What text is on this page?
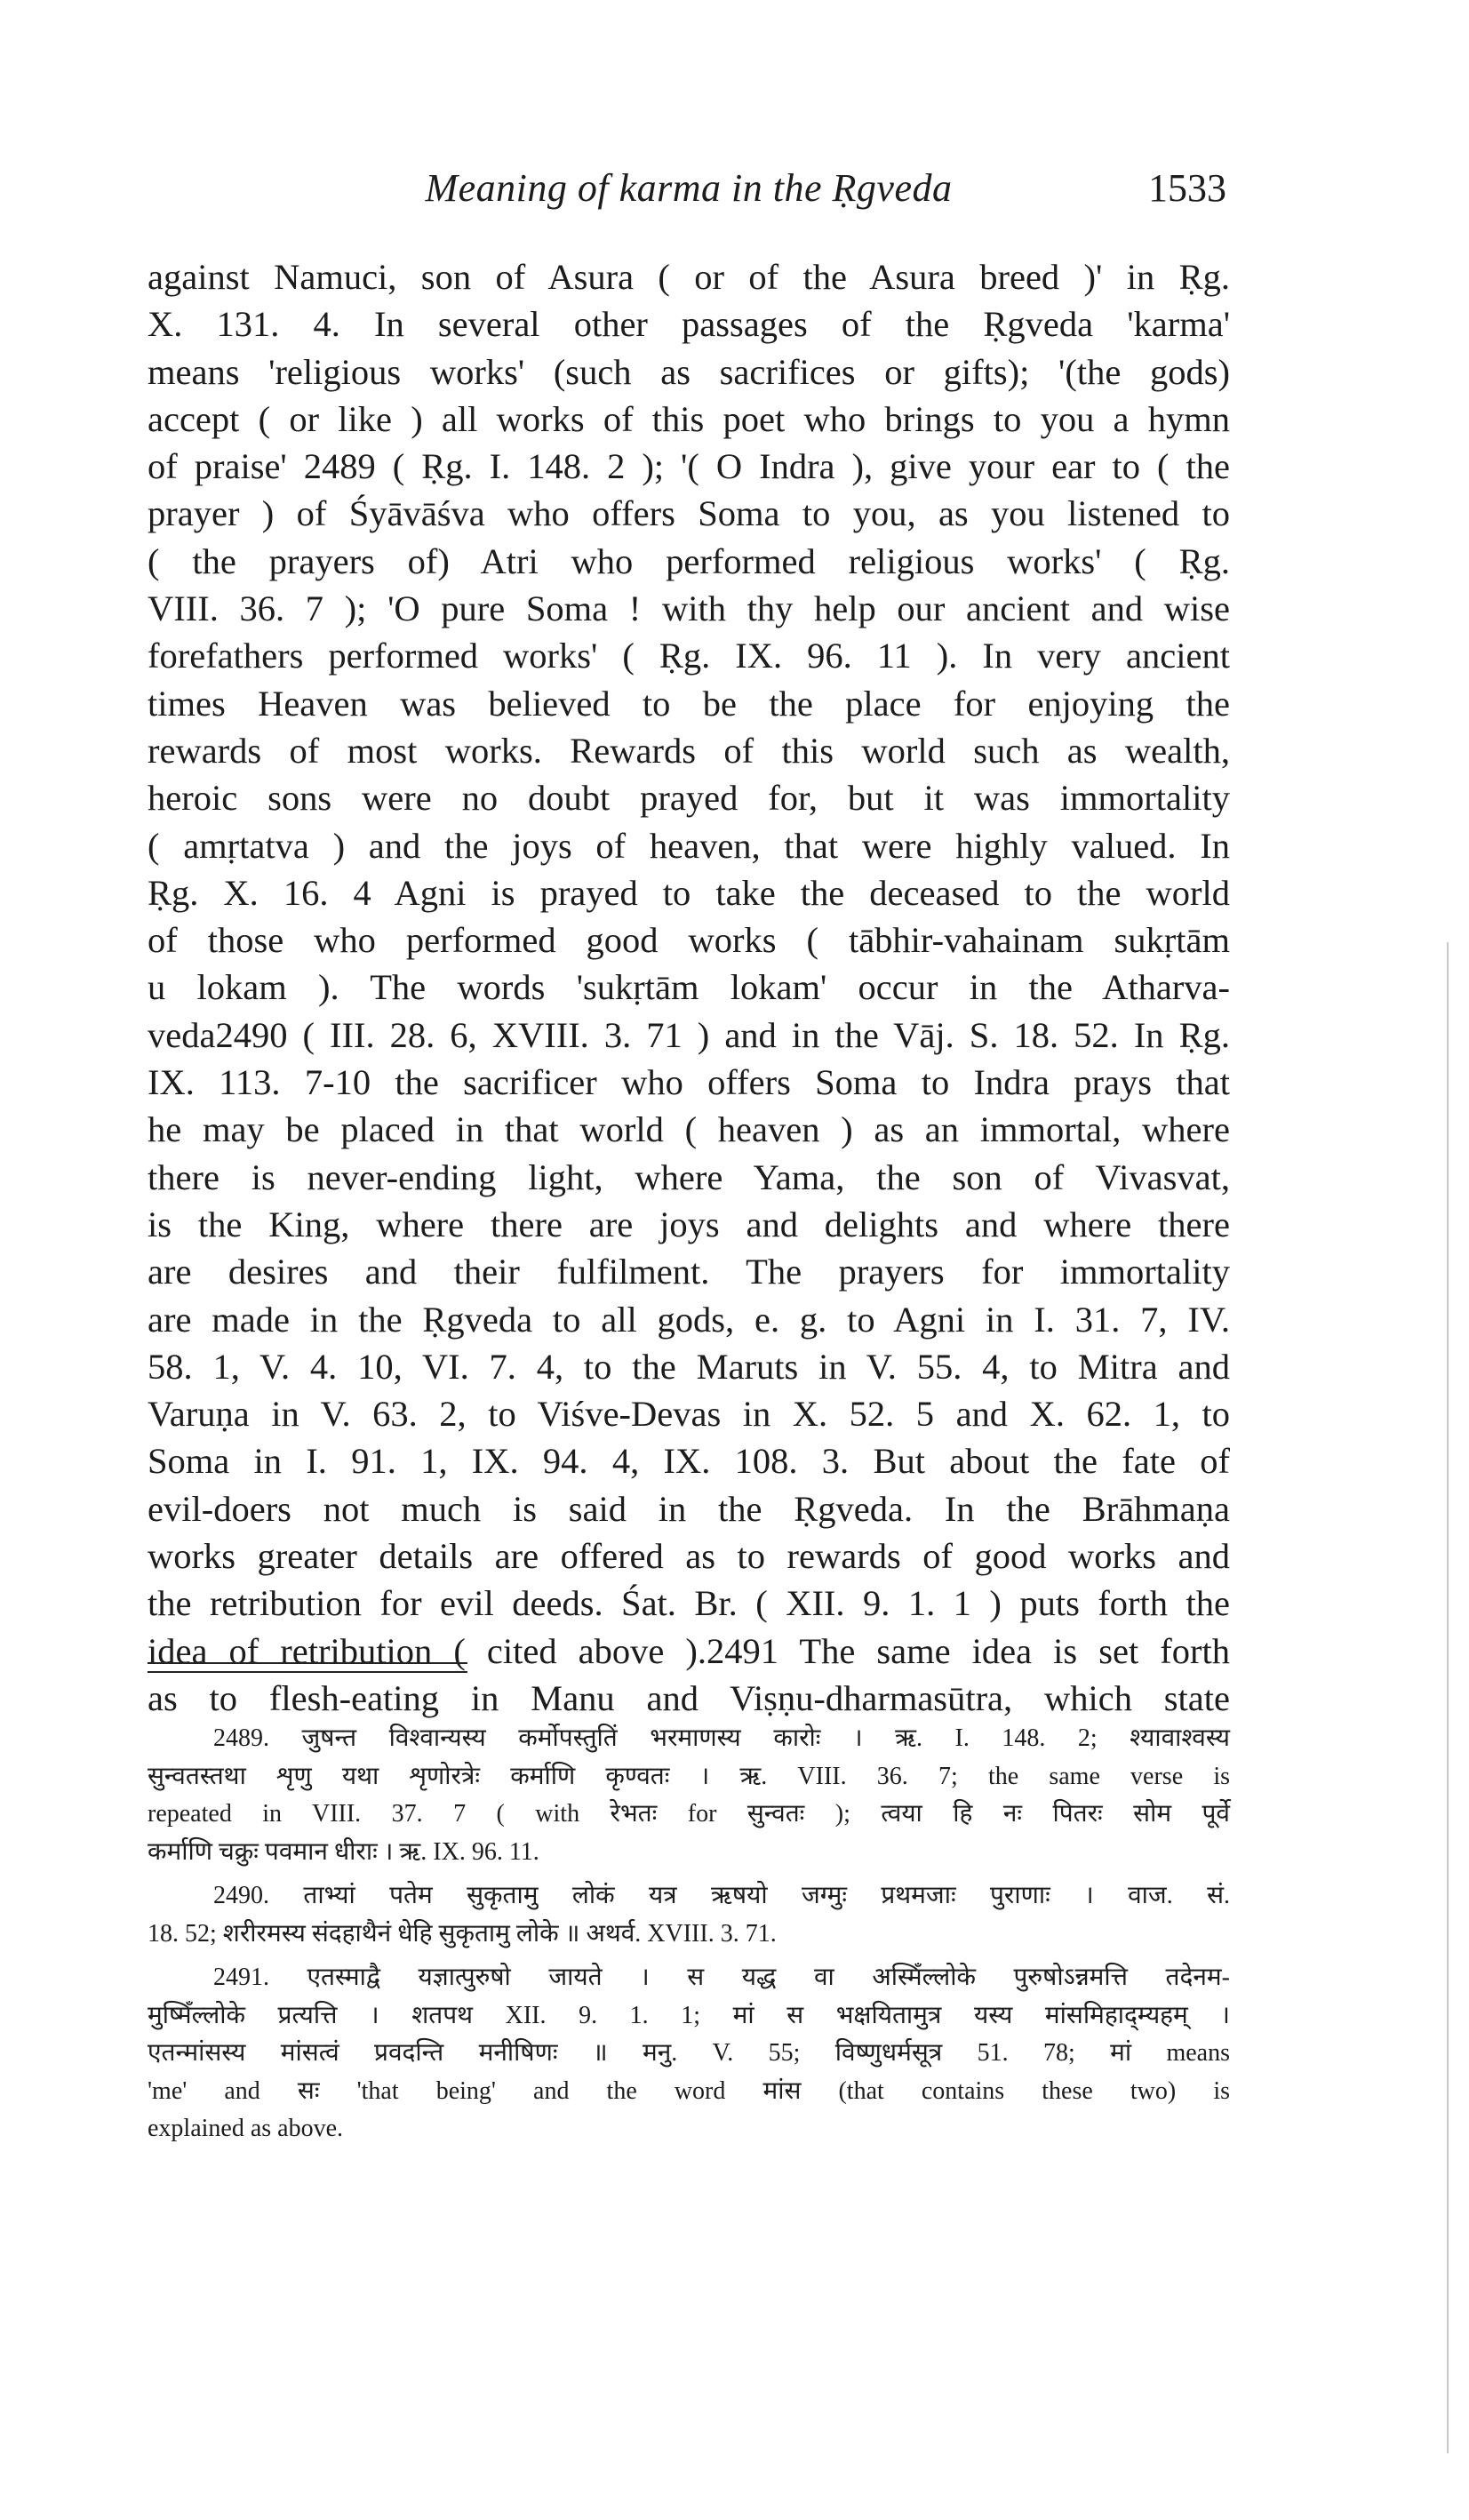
Meaning of karma in the Ṛgveda	1533
against Namuci, son of Asura ( or of the Asura breed )' in Ṛg.
X. 131. 4. In several other passages of the Ṛgveda 'karma'
means 'religious works' (such as sacrifices or gifts); '(the gods)
accept ( or like ) all works of this poet who brings to you a hymn
of praise' 2489 ( Ṛg. I. 148. 2 ); '( O Indra ), give your ear to ( the
prayer ) of Śyāvāśva who offers Soma to you, as you listened to
( the prayers of) Atri who performed religious works' ( Ṛg.
VIII. 36. 7 ); 'O pure Soma ! with thy help our ancient and wise
forefathers performed works' ( Ṛg. IX. 96. 11 ). In very ancient
times Heaven was believed to be the place for enjoying the
rewards of most works. Rewards of this world such as wealth,
heroic sons were no doubt prayed for, but it was immortality
( amṛtatva ) and the joys of heaven, that were highly valued. In
Ṛg. X. 16. 4 Agni is prayed to take the deceased to the world
of those who performed good works ( tābhir-vahainam sukṛtām
u lokam ). The words 'sukṛtām lokam' occur in the Atharva-
veda2490 ( III. 28. 6, XVIII. 3. 71 ) and in the Vāj. S. 18. 52. In Ṛg.
IX. 113. 7-10 the sacrificer who offers Soma to Indra prays that
he may be placed in that world ( heaven ) as an immortal, where
there is never-ending light, where Yama, the son of Vivasvat,
is the King, where there are joys and delights and where there
are desires and their fulfilment. The prayers for immortality
are made in the Ṛgveda to all gods, e. g. to Agni in I. 31. 7, IV.
58. 1, V. 4. 10, VI. 7. 4, to the Maruts in V. 55. 4, to Mitra and
Varuṇa in V. 63. 2, to Viśve-Devas in X. 52. 5 and X. 62. 1, to
Soma in I. 91. 1, IX. 94. 4, IX. 108. 3. But about the fate of
evil-doers not much is said in the Ṛgveda. In the Brāhmaṇa
works greater details are offered as to rewards of good works and
the retribution for evil deeds. Śat. Br. ( XII. 9. 1. 1 ) puts forth the
idea of retribution ( cited above ).2491 The same idea is set forth
as to flesh-eating in Manu and Viṣṇu-dharmasūtra, which state
2489. जुषन्त विश्वान्यस्य कर्मोपस्तुतिं भरमाणस्य कारोः । ऋ. I. 148. 2; श्यावाश्वस्य
सुन्वतस्तथा शृणु यथा शृणोरत्रेः कर्माणि कृण्वतः । ऋ. VIII. 36. 7; the same verse is
repeated in VIII. 37. 7 ( with रेभतः for सुन्वतः ); त्वया हि नः पितरः सोम पूर्वे
कर्माणि चक्रुः पवमान धीराः । ऋ. IX. 96. 11.
2490. ताभ्यां पतेम सुकृतामु लोकं यत्र ऋषयो जग्मुः प्रथमजाः पुराणाः । वाज. सं.
18. 52; शरीरमस्य संदहाथैनं धेहि सुकृतामु लोके ॥ अथर्व. XVIII. 3. 71.
2491. एतस्माद्वै यज्ञात्पुरुषो जायते । स यद्ध वा अस्मिँल्लोके पुरुषोऽन्नमत्ति तदेनम-
मुष्मिँल्लोके प्रत्यत्ति । शतपथ XII. 9. 1. 1; मां स भक्षयितामुत्र यस्य मांसमिहाद्म्यहम् ।
एतन्मांसस्य मांसत्वं प्रवदन्ति मनीषिणः ॥ मनु. V. 55; विष्णुधर्मसूत्र 51. 78; मां means
'me' and सः 'that being' and the word मांस (that contains these two) is
explained as above.
